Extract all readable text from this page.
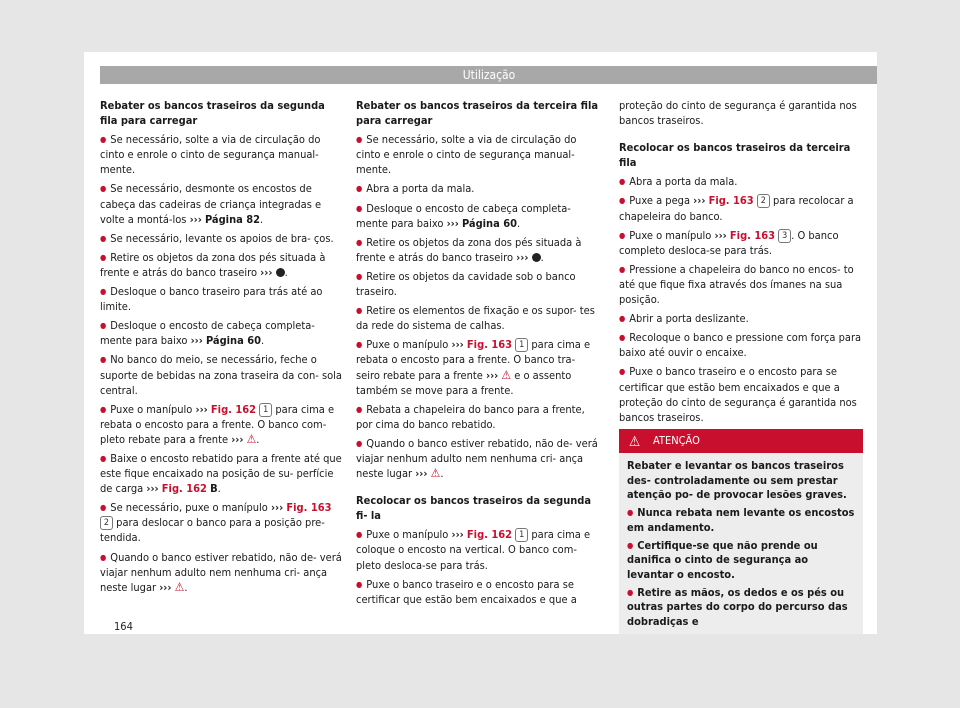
Utilização

Rebater os bancos traseiros da segunda fila para carregar

● Se necessário, solte a via de circulação do cinto e enrole o cinto de segurança manual- mente.

● Se necessário, desmonte os encostos de cabeça das cadeiras de criança integradas e volte a montá-los ››› Página 82.

● Se necessário, levante os apoios de bra- ços.

● Retire os objetos da zona dos pés situada à frente e atrás do banco traseiro ››› .

● Desloque o banco traseiro para trás até ao limite.

● Desloque o encosto de cabeça completa- mente para baixo ››› Página 60.

● No banco do meio, se necessário, feche o suporte de bebidas na zona traseira da con- sola central.

● Puxe o manípulo ››› Fig. 162 1 para cima e rebata o encosto para a frente. O banco com- pleto rebate para a frente ››› ⚠.

● Baixe o encosto rebatido para a frente até que este fique encaixado na posição de su- perfície de carga ››› Fig. 162 B.

● Se necessário, puxe o manípulo ››› Fig. 163 2 para deslocar o banco para a posição pre- tendida.

● Quando o banco estiver rebatido, não de- verá viajar nenhum adulto nem nenhuma cri- ança neste lugar ››› ⚠.

Rebater os bancos traseiros da terceira fila para carregar

● Se necessário, solte a via de circulação do cinto e enrole o cinto de segurança manual- mente.

● Abra a porta da mala.

● Desloque o encosto de cabeça completa- mente para baixo ››› Página 60.

● Retire os objetos da zona dos pés situada à frente e atrás do banco traseiro ››› .

● Retire os objetos da cavidade sob o banco traseiro.

● Retire os elementos de fixação e os supor- tes da rede do sistema de calhas.

● Puxe o manípulo ››› Fig. 163 1 para cima e rebata o encosto para a frente. O banco tra- seiro rebate para a frente ››› ⚠ e o assento também se move para a frente.

● Rebata a chapeleira do banco para a frente, por cima do banco rebatido.

● Quando o banco estiver rebatido, não de- verá viajar nenhum adulto nem nenhuma cri- ança neste lugar ››› ⚠.

Recolocar os bancos traseiros da segunda fi- la

● Puxe o manípulo ››› Fig. 162 1 para cima e coloque o encosto na vertical. O banco com- pleto desloca-se para trás.

● Puxe o banco traseiro e o encosto para se certificar que estão bem encaixados e que a

proteção do cinto de segurança é garantida nos bancos traseiros.

Recolocar os bancos traseiros da terceira fila

● Abra a porta da mala.

● Puxe a pega ››› Fig. 163 2 para recolocar a chapeleira do banco.

● Puxe o manípulo ››› Fig. 163 3 . O banco completo desloca-se para trás.

● Pressione a chapeleira do banco no encos- to até que fique fixa através dos ímanes na sua posição.

● Abrir a porta deslizante.

● Recoloque o banco e pressione com força para baixo até ouvir o encaixe.

● Puxe o banco traseiro e o encosto para se certificar que estão bem encaixados e que a proteção do cinto de segurança é garantida nos bancos traseiros.

⚠ ATENÇÃO

Rebater e levantar os bancos traseiros des- controladamente ou sem prestar atenção po- de provocar lesões graves.

● Nunca rebata nem levante os encostos em andamento.

● Certifique-se que não prende ou danifica o cinto de segurança ao levantar o encosto.

● Retire as mãos, os dedos e os pés ou outras partes do corpo do percurso das dobradiças e

164
